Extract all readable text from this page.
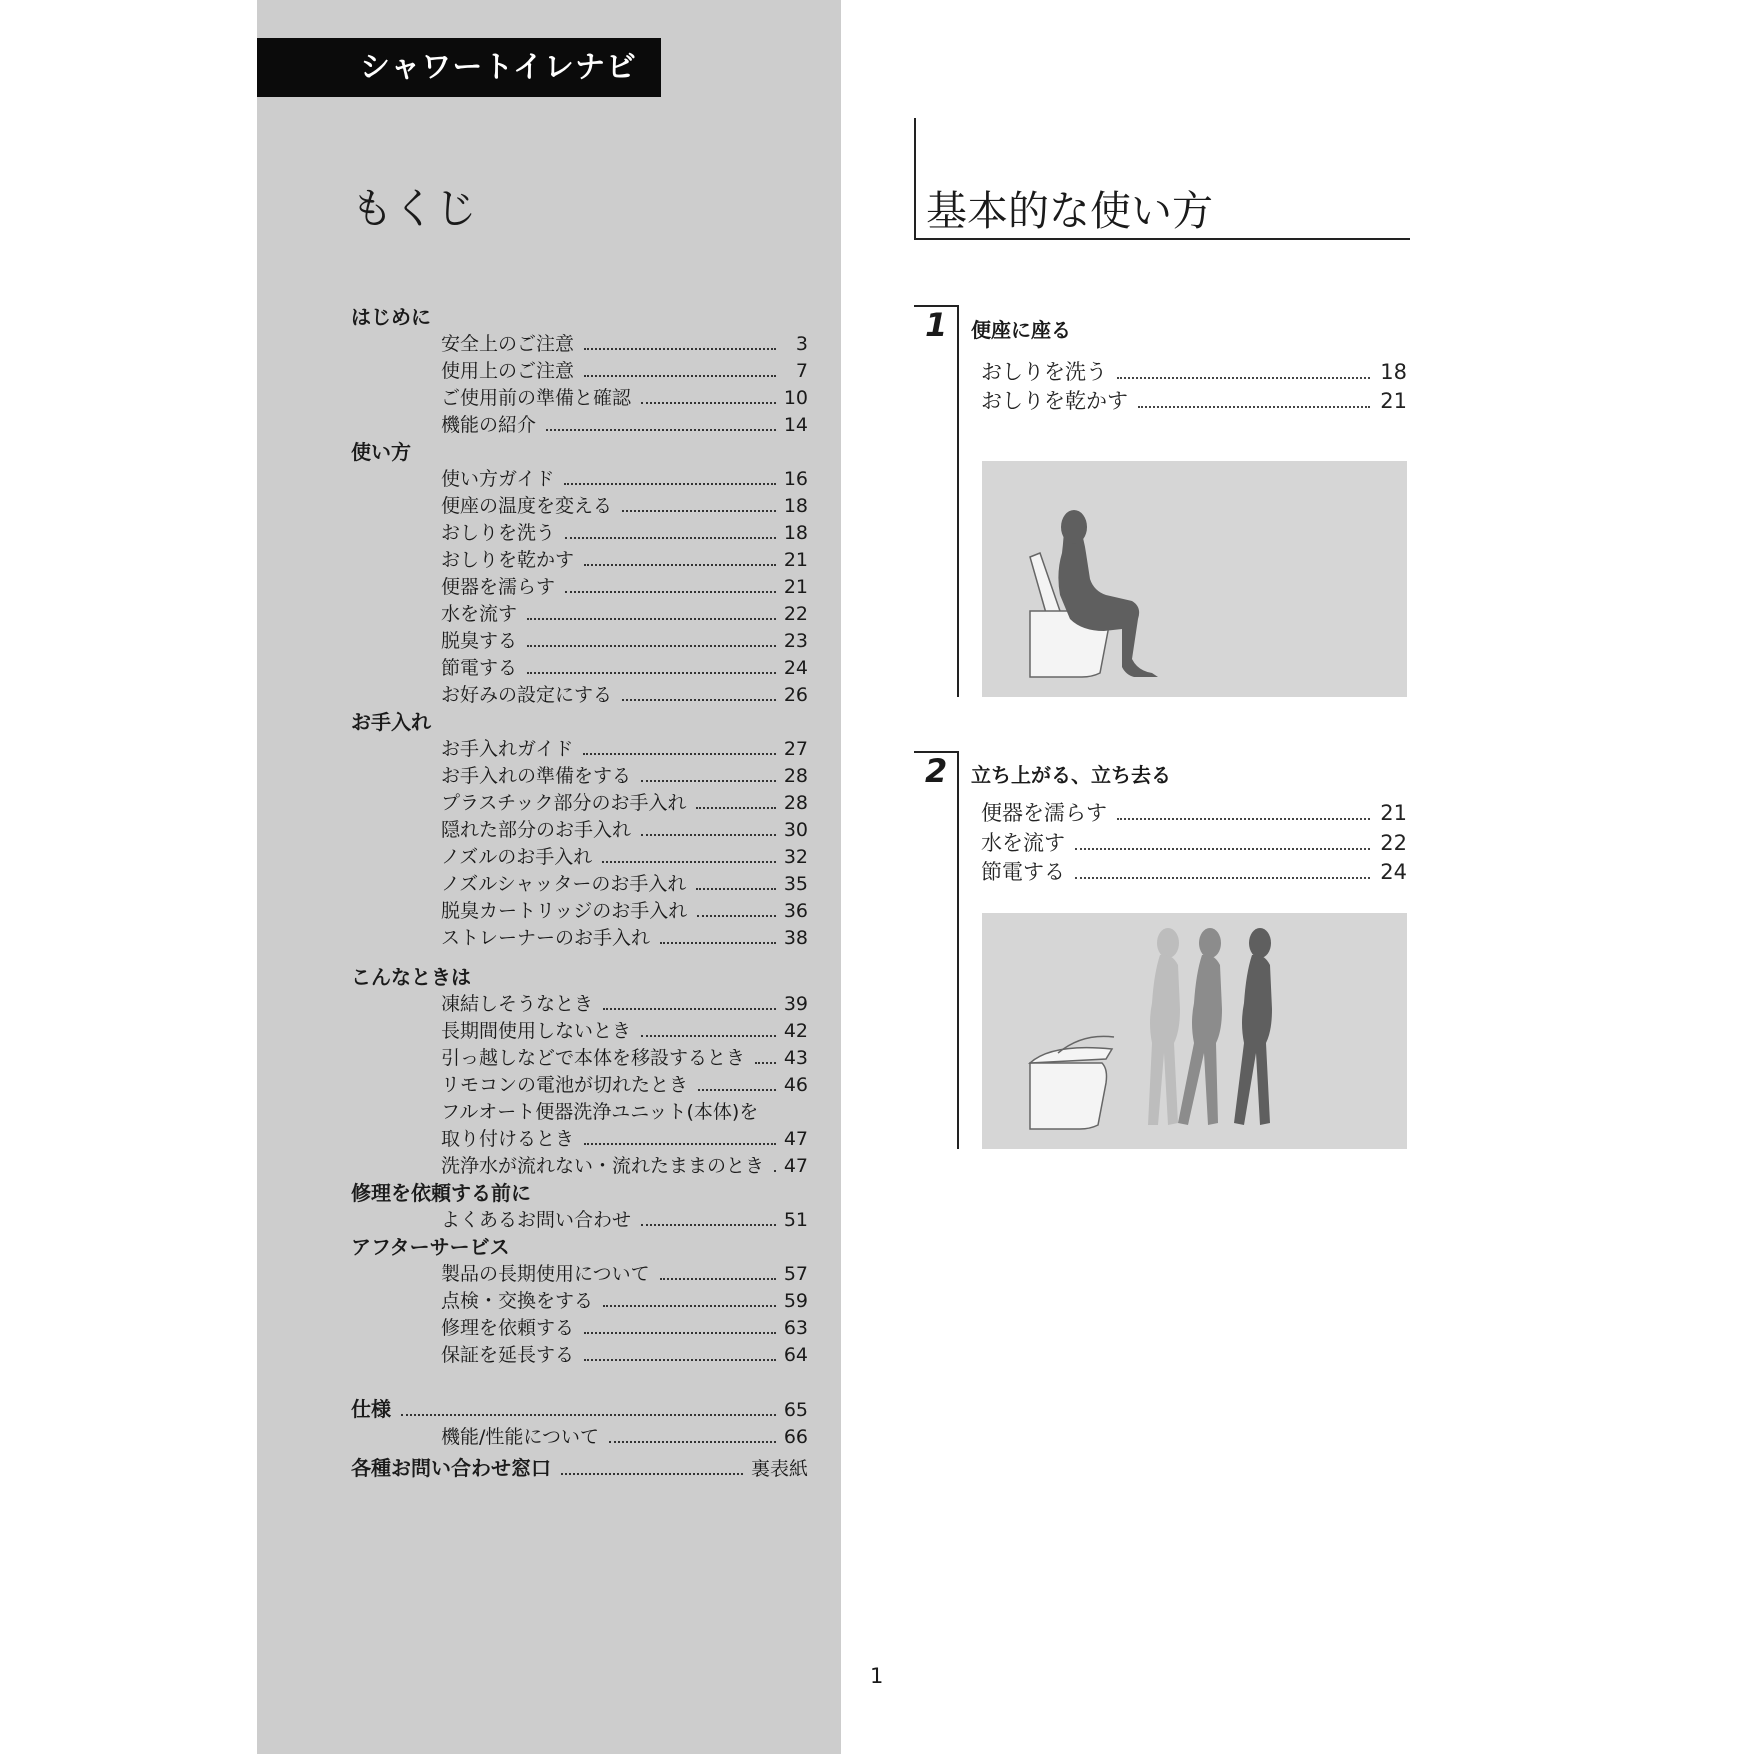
シャワートイレナビ
もくじ
はじめに
安全上のご注意	3
使用上のご注意	7
ご使用前の準備と確認	10
機能の紹介	14
使い方
使い方ガイド	16
便座の温度を変える	18
おしりを洗う	18
おしりを乾かす	21
便器を濡らす	21
水を流す	22
脱臭する	23
節電する	24
お好みの設定にする	26
お手入れ
お手入れガイド	27
お手入れの準備をする	28
プラスチック部分のお手入れ	28
隠れた部分のお手入れ	30
ノズルのお手入れ	32
ノズルシャッターのお手入れ	35
脱臭カートリッジのお手入れ	36
ストレーナーのお手入れ	38
こんなときは
凍結しそうなとき	39
長期間使用しないとき	42
引っ越しなどで本体を移設するとき 43
リモコンの電池が切れたとき	46
フルオート便器洗浄ユニット(本体)を
取り付けるとき	47
洗浄水が流れない・流れたままのとき 47
修理を依頼する前に
よくあるお問い合わせ	51
アフターサービス
製品の長期使用について	57
点検・交換をする	59
修理を依頼する	63
保証を延長する	64
仕様	65
機能/性能について	66
各種お問い合わせ窓口	裏表紙
基本的な使い方
1 便座に座る
おしりを洗う	18
おしりを乾かす	21
2 立ち上がる、立ち去る
便器を濡らす	21
水を流す	22
節電する	24
1
